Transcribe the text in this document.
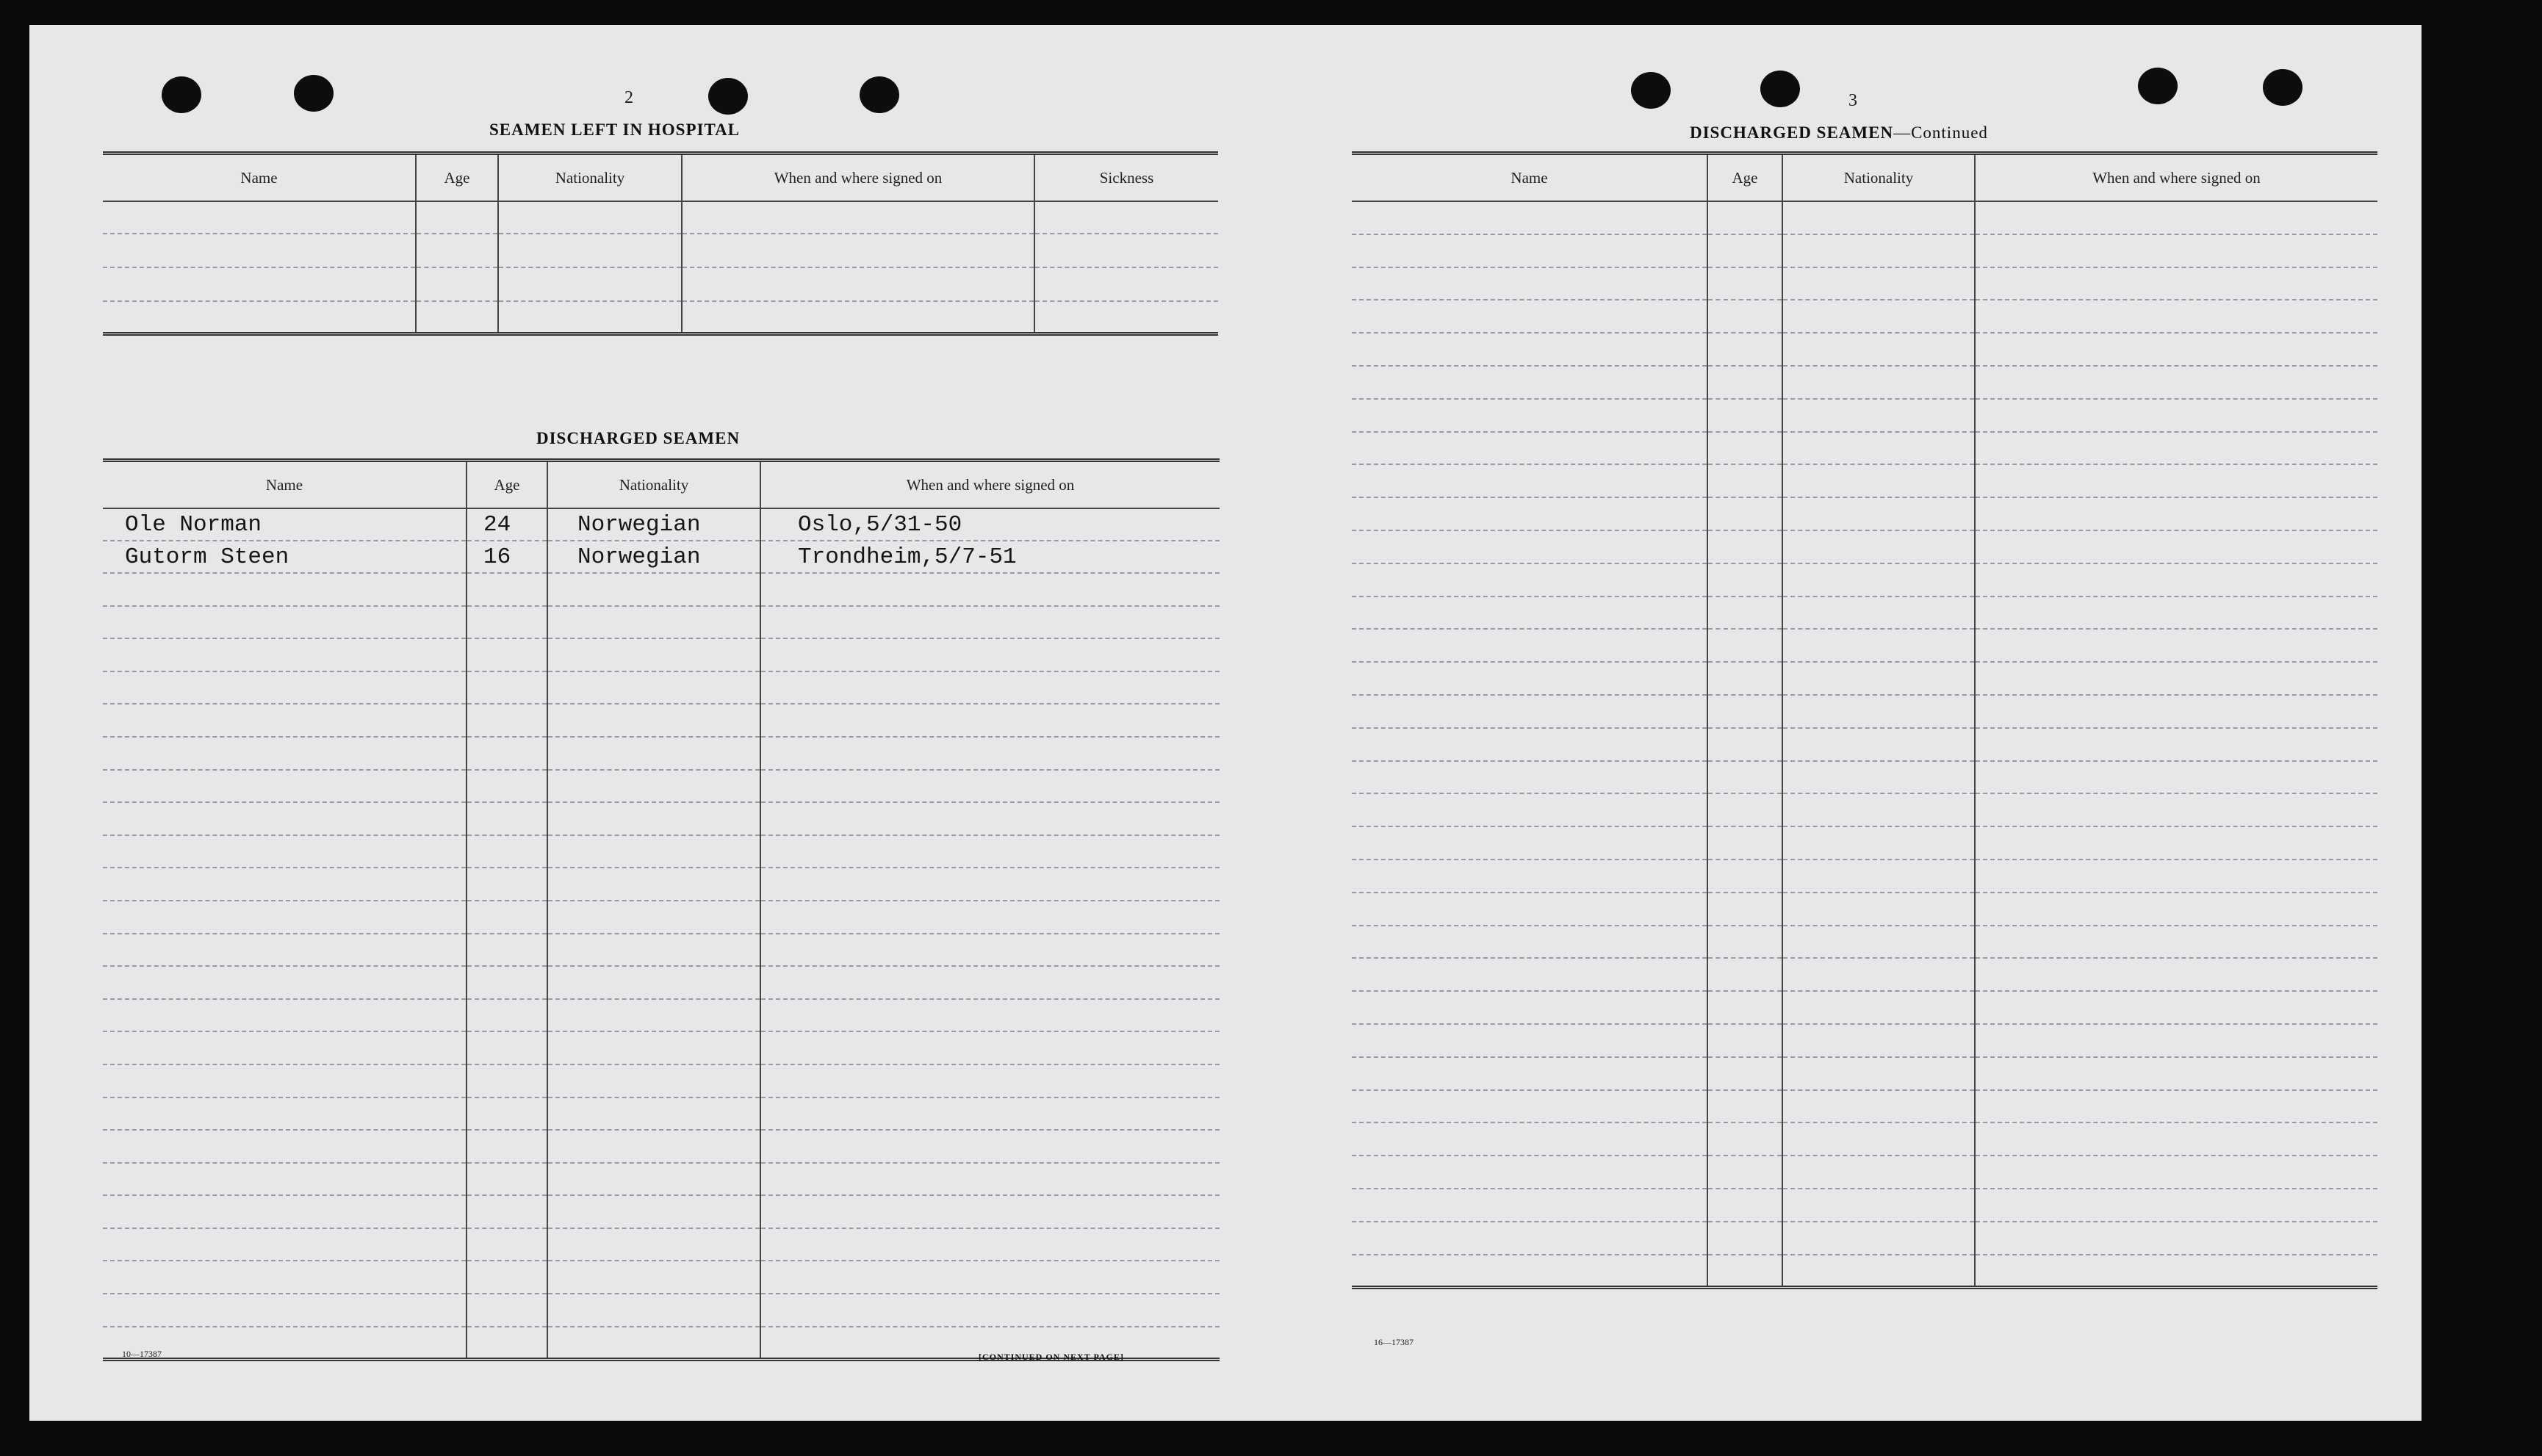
2
SEAMEN LEFT IN HOSPITAL
Name	Age	Nationality	When and where signed on	Sickness

DISCHARGED SEAMEN
Name	Age	Nationality	When and where signed on
Ole Norman	24	Norwegian	Oslo,5/31-50
Gutorm Steen	16	Norwegian	Trondheim,5/7-51

10—17387	[CONTINUED ON NEXT PAGE]
3
DISCHARGED SEAMEN—Continued
Name	Age	Nationality	When and where signed on

16—17387
